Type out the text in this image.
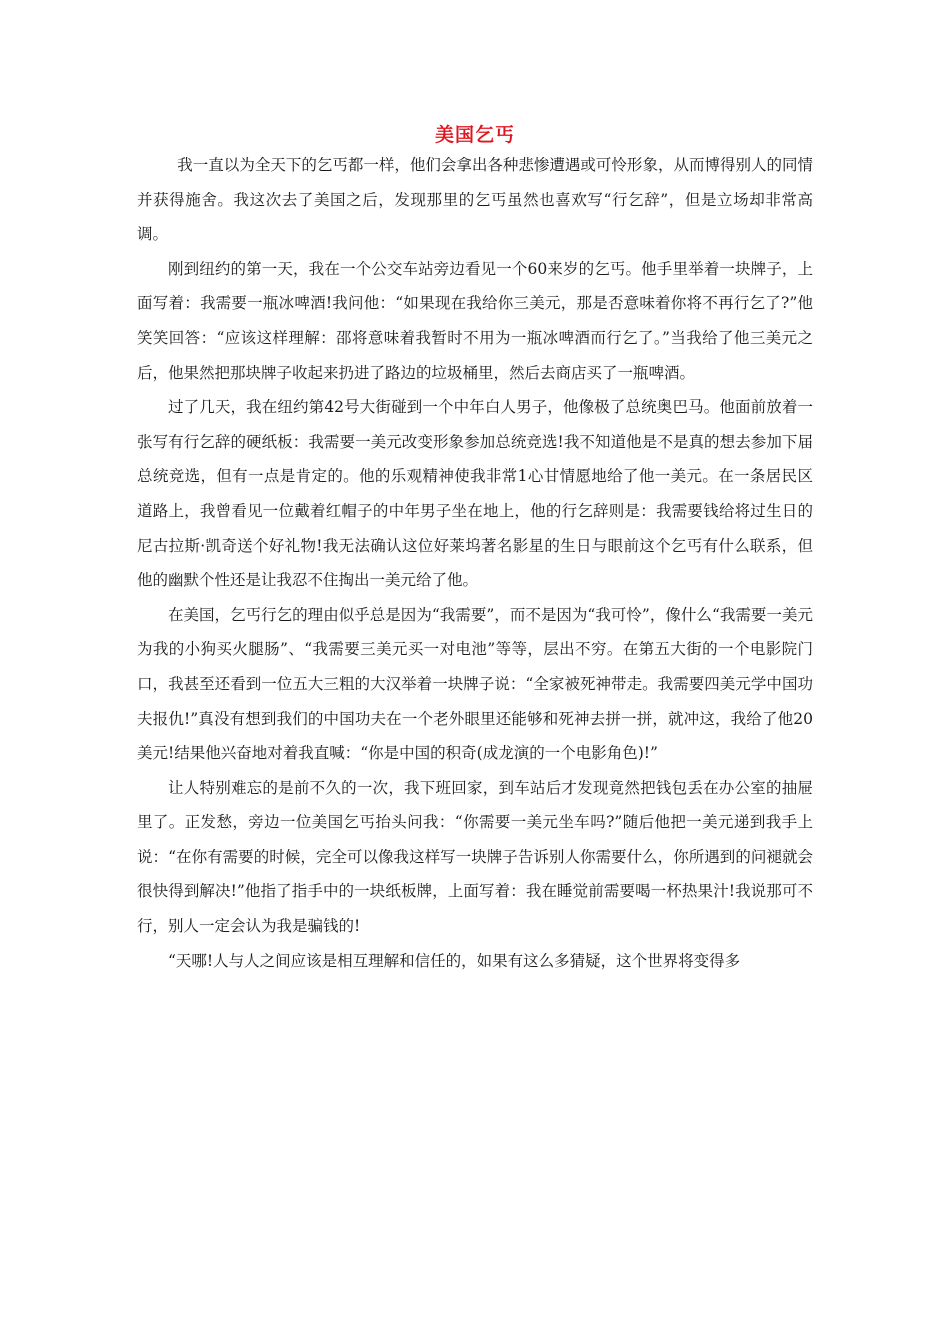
美国乞丐

我一直以为全天下的乞丐都一样，他们会拿出各种悲惨遭遇或可怜形象，从而博得别人的同情并获得施舍。我这次去了美国之后，发现那里的乞丐虽然也喜欢写“行乞辞”，但是立场却非常高调。

刚到纽约的第一天，我在一个公交车站旁边看见一个60来岁的乞丐。他手里举着一块牌子，上面写着：我需要一瓶冰啤酒!我问他：“如果现在我给你三美元，那是否意味着你将不再行乞了?”他笑笑回答：“应该这样理解：邵将意味着我暂时不用为一瓶冰啤酒而行乞了。”当我给了他三美元之后，他果然把那块牌子收起来扔进了路边的垃圾桶里，然后去商店买了一瓶啤酒。

过了几天，我在纽约第42号大街碰到一个中年白人男子，他像极了总统奥巴马。他面前放着一张写有行乞辞的硬纸板：我需要一美元改变形象参加总统竞选!我不知道他是不是真的想去参加下届总统竞选，但有一点是肯定的。他的乐观精神使我非常1心甘情愿地给了他一美元。在一条居民区道路上，我曾看见一位戴着红帽子的中年男子坐在地上，他的行乞辞则是：我需要钱给将过生日的尼古拉斯·凯奇送个好礼物!我无法确认这位好莱坞著名影星的生日与眼前这个乞丐有什么联系，但他的幽默个性还是让我忍不住掏出一美元给了他。

在美国，乞丐行乞的理由似乎总是因为“我需要”，而不是因为“我可怜”，像什么“我需要一美元为我的小狗买火腿肠”、“我需要三美元买一对电池”等等，层出不穷。在第五大街的一个电影院门口，我甚至还看到一位五大三粗的大汉举着一块牌子说：“全家被死神带走。我需要四美元学中国功夫报仇!”真没有想到我们的中国功夫在一个老外眼里还能够和死神去拼一拼，就冲这，我给了他20美元!结果他兴奋地对着我直喊：“你是中国的积奇(成龙演的一个电影角色)!”

让人特别难忘的是前不久的一次，我下班回家，到车站后才发现竟然把钱包丢在办公室的抽屉里了。正发愁，旁边一位美国乞丐抬头问我：“你需要一美元坐车吗?”随后他把一美元递到我手上说：“在你有需要的时候，完全可以像我这样写一块牌子告诉别人你需要什么，你所遇到的问褪就会很快得到解决!”他指了指手中的一块纸板牌，上面写着：我在睡觉前需要喝一杯热果汁!我说那可不行，别人一定会认为我是骗钱的!

“天哪!人与人之间应该是相互理解和信任的，如果有这么多猜疑，这个世界将变得多
